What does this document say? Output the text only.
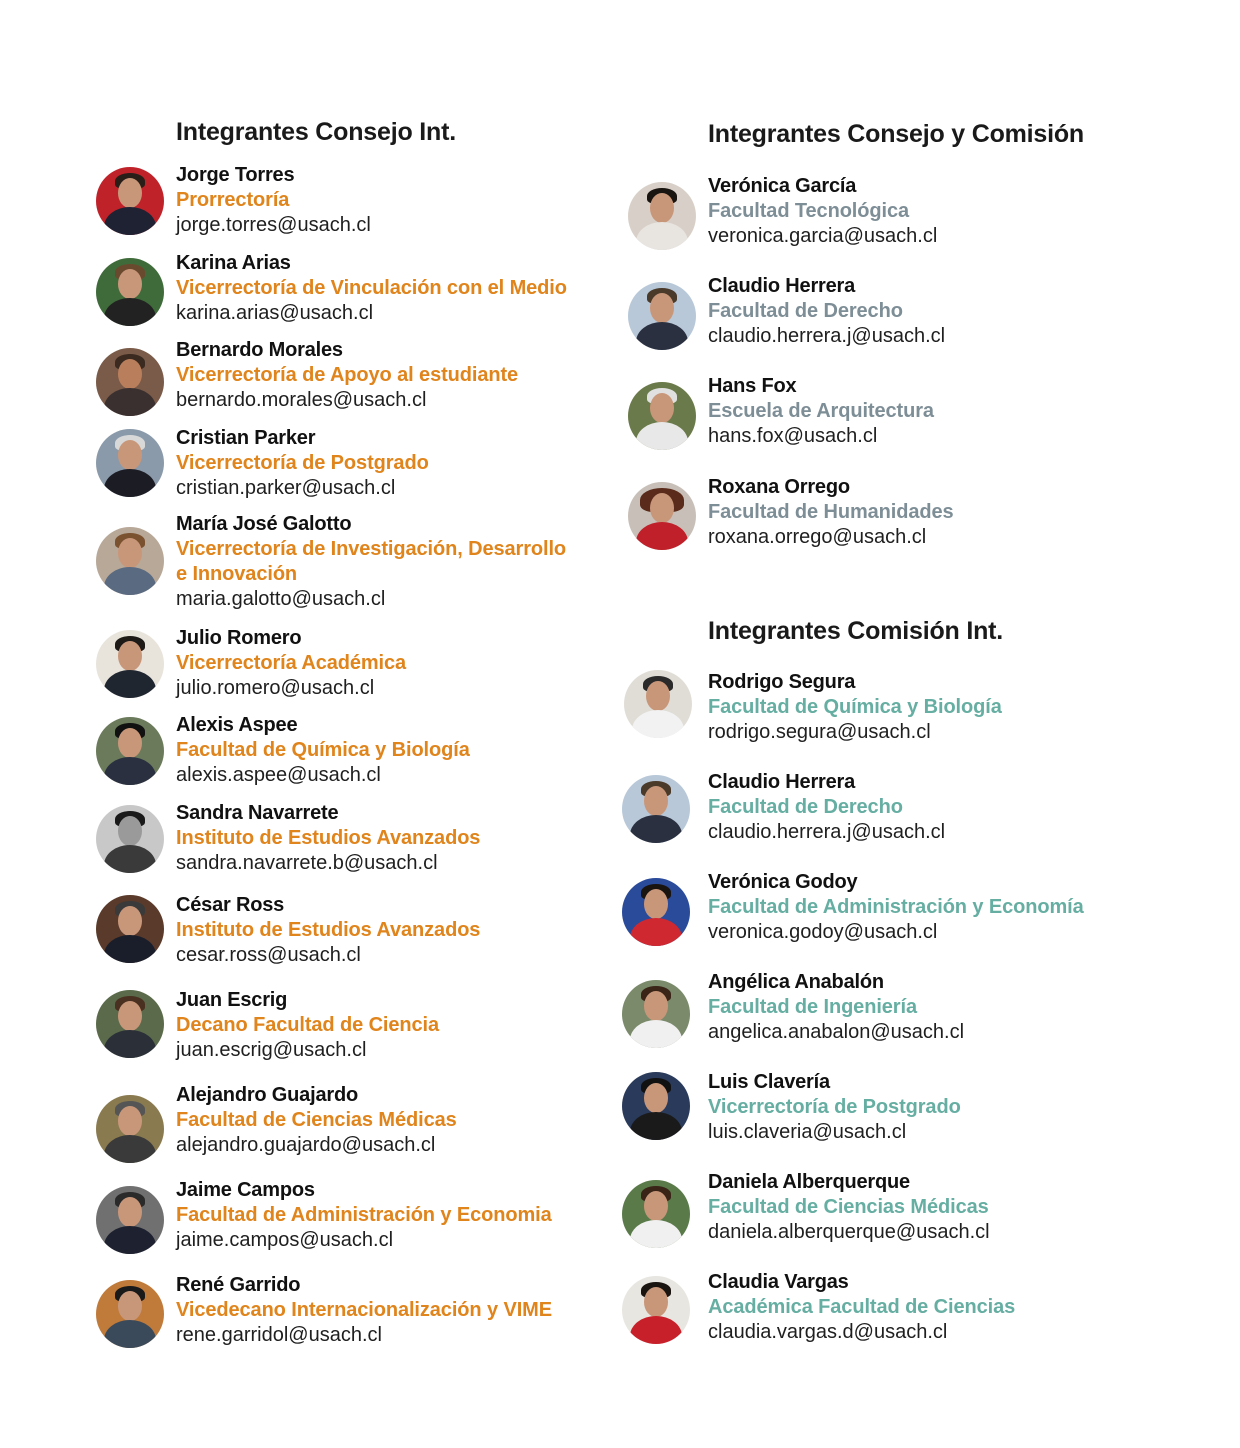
Integrantes Consejo Int.
Jorge Torres
Prorrectoría
jorge.torres@usach.cl
Karina Arias
Vicerrectoría de Vinculación con el Medio
karina.arias@usach.cl
Bernardo Morales
Vicerrectoría de Apoyo al estudiante
bernardo.morales@usach.cl
Cristian Parker
Vicerrectoría de Postgrado
cristian.parker@usach.cl
María José Galotto
Vicerrectoría de Investigación, Desarrollo
e Innovación
maria.galotto@usach.cl
Julio Romero
Vicerrectoría Académica
julio.romero@usach.cl
Alexis Aspee
Facultad de Química y Biología
alexis.aspee@usach.cl
Sandra Navarrete
Instituto de Estudios Avanzados
sandra.navarrete.b@usach.cl
César Ross
Instituto de Estudios Avanzados
cesar.ross@usach.cl
Juan Escrig
Decano Facultad de Ciencia
juan.escrig@usach.cl
Alejandro Guajardo
Facultad de Ciencias Médicas
alejandro.guajardo@usach.cl
Jaime Campos
Facultad de Administración y Economia
jaime.campos@usach.cl
René Garrido
Vicedecano Internacionalización y VIME
rene.garridol@usach.cl
Integrantes Consejo y Comisión
Verónica García
Facultad Tecnológica
veronica.garcia@usach.cl
Claudio Herrera
Facultad de Derecho
claudio.herrera.j@usach.cl
Hans Fox
Escuela de Arquitectura
hans.fox@usach.cl
Roxana Orrego
Facultad de Humanidades
roxana.orrego@usach.cl
Integrantes Comisión Int.
Rodrigo Segura
Facultad de Química y Biología
rodrigo.segura@usach.cl
Claudio Herrera
Facultad de Derecho
claudio.herrera.j@usach.cl
Verónica Godoy
Facultad de Administración y Economía
veronica.godoy@usach.cl
Angélica Anabalón
Facultad de Ingeniería
angelica.anabalon@usach.cl
Luis Clavería
Vicerrectoría de Postgrado
luis.claveria@usach.cl
Daniela Alberquerque
Facultad de Ciencias Médicas
daniela.alberquerque@usach.cl
Claudia Vargas
Académica Facultad de Ciencias
claudia.vargas.d@usach.cl
